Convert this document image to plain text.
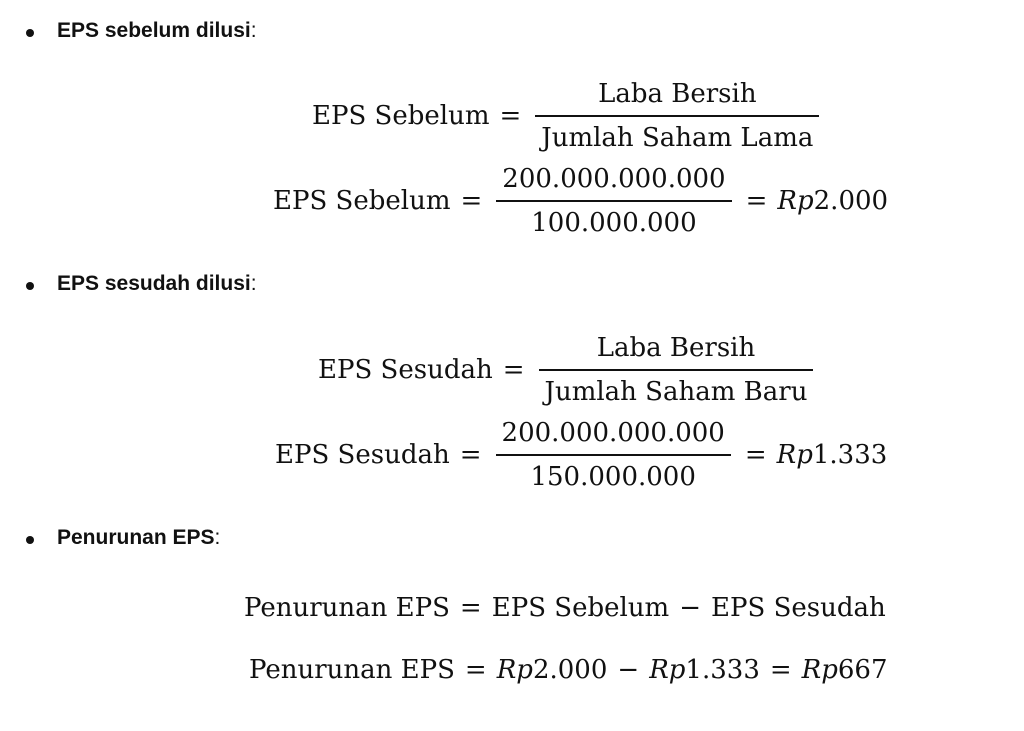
EPS sebelum dilusi:
EPS Sebelum = $\frac{\text{Laba Bersih}}{\text{Jumlah Saham Lama}}$
EPS Sebelum = $\frac{200.000.000.000}{100.000.000} = Rp$ 2.000
EPS sesudah dilusi:
EPS Sesudah = $\frac{\text{Laba Bersih}}{\text{Jumlah Saham Baru}}$
EPS Sesudah = $\frac{200.000.000.000}{150.000.000} = Rp$ 1.333
Penurunan EPS:
Penurunan EPS = EPS Sebelum − EPS Sesudah
Penurunan EPS = Rp 2.000 − Rp 1.333 = Rp 667
